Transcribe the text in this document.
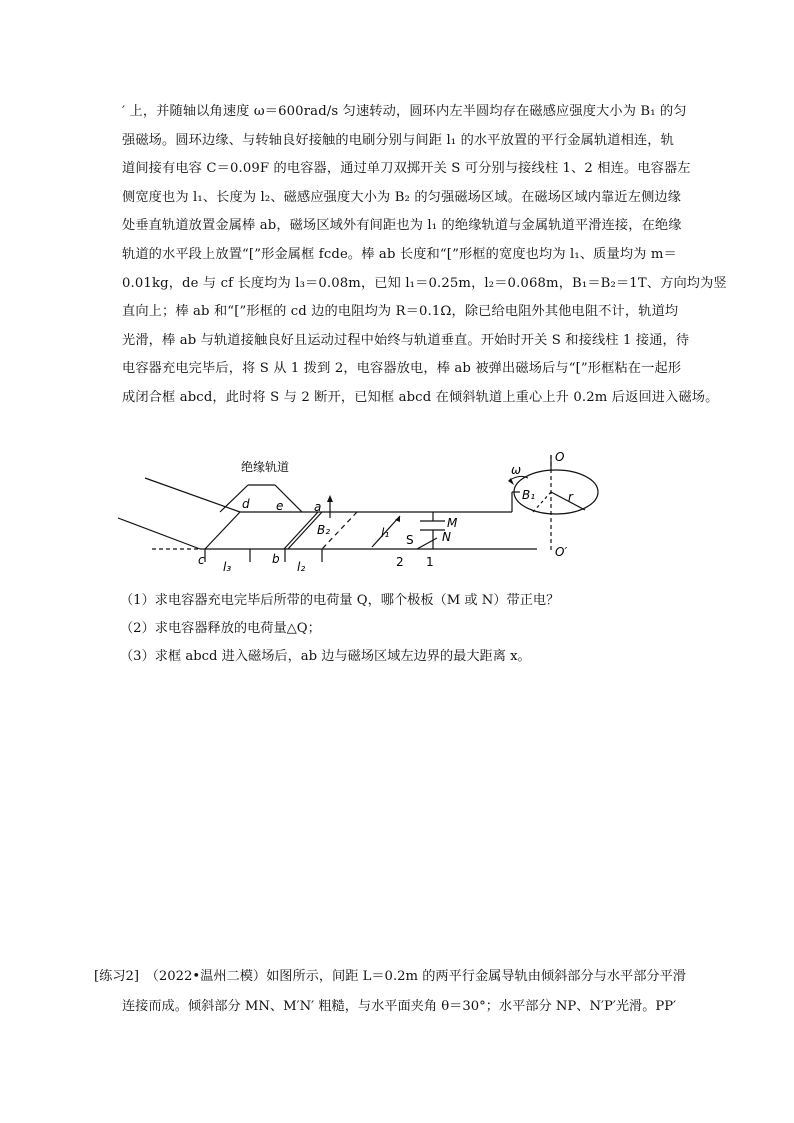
′ 上，并随轴以角速度 ω＝600rad/s 匀速转动，圆环内左半圆均存在磁感应强度大小为 B₁ 的匀

强磁场。圆环边缘、与转轴良好接触的电刷分别与间距 l₁ 的水平放置的平行金属轨道相连，轨

道间接有电容 C＝0.09F 的电容器，通过单刀双掷开关 S 可分别与接线柱 1、2 相连。电容器左

侧宽度也为 l₁、长度为 l₂、磁感应强度大小为 B₂ 的匀强磁场区域。在磁场区域内靠近左侧边缘

处垂直轨道放置金属棒 ab，磁场区域外有间距也为 l₁ 的绝缘轨道与金属轨道平滑连接，在绝缘

轨道的水平段上放置“[”形金属框 fcde。棒 ab 长度和“[”形框的宽度也均为 l₁、质量均为 m＝

0.01kg，de 与 cf 长度均为 l₃＝0.08m，已知 l₁＝0.25m，l₂＝0.068m，B₁＝B₂＝1T、方向均为竖

直向上；棒 ab 和“[”形框的 cd 边的电阻均为 R＝0.1Ω，除已给电阻外其他电阻不计，轨道均

光滑，棒 ab 与轨道接触良好且运动过程中始终与轨道垂直。开始时开关 S 和接线柱 1 接通，待

电容器充电完毕后，将 S 从 1 拨到 2，电容器放电，棒 ab 被弹出磁场后与“[”形框粘在一起形

成闭合框 abcd，此时将 S 与 2 断开，已知框 abcd 在倾斜轨道上重心上升 0.2m 后返回进入磁场。

绝缘轨道
d e	a
B₂	l₁
M
N
S
2 1
c l₃
b
l₂
ω
B₁	r
O
O′

（1）求电容器充电完毕后所带的电荷量 Q，哪个极板（M 或 N）带正电？

（2）求电容器释放的电荷量△Q；

（3）求框 abcd 进入磁场后，ab 边与磁场区域左边界的最大距离 x。

[练习2]　（2022•温州二模）如图所示，间距 L＝0.2m 的两平行金属导轨由倾斜部分与水平部分平滑

连接而成。倾斜部分 MN、M′N′ 粗糙，与水平面夹角 θ＝30°；水平部分 NP、N′P′光滑。PP′
